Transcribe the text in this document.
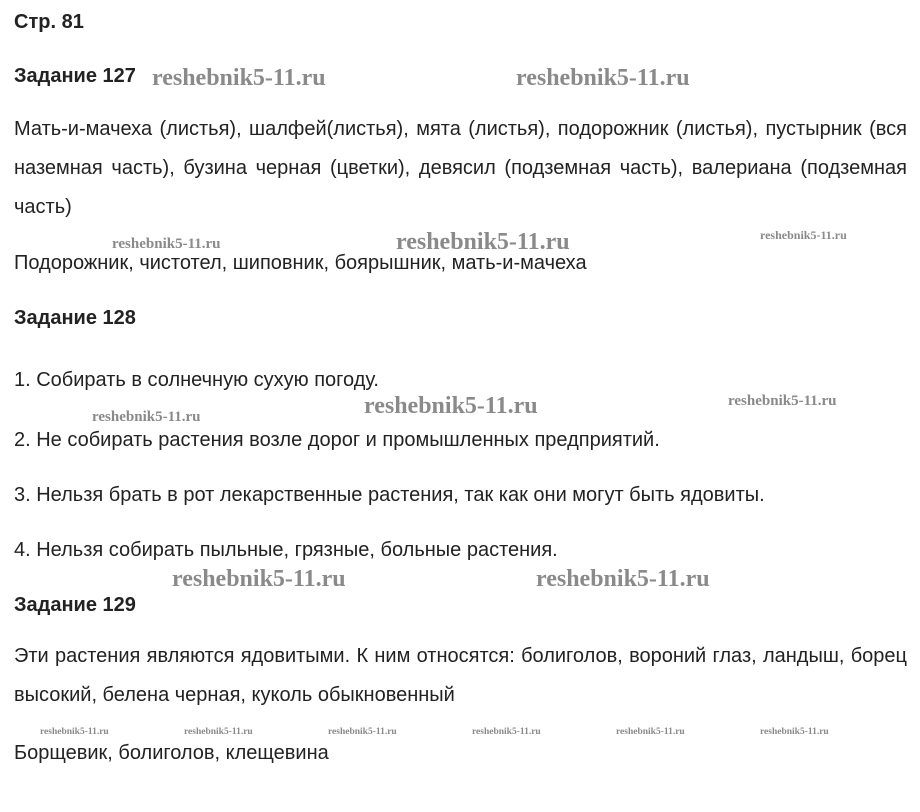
Стр. 81
Задание 127

Мать-и-мачеха (листья), шалфей(листья), мята (листья), подорожник (листья), пустырник (вся наземная часть), бузина черная (цветки), девясил (подземная часть), валериана (подземная часть)

Подорожник, чистотел, шиповник, боярышник, мать-и-мачеха
Задание 128
1. Собирать в солнечную сухую погоду.
2. Не собирать растения возле дорог и промышленных предприятий.
3. Нельзя брать в рот лекарственные растения, так как они могут быть ядовиты.
4. Нельзя собирать пыльные, грязные, больные растения.
Задание 129

Эти растения являются ядовитыми. К ним относятся: болиголов, вороний глаз, ландыш, борец высокий, белена черная, куколь обыкновенный

Борщевик, болиголов, клещевина
reshebnik5-11.ru	reshebnik5-11.ru
reshebnik5-11.ru	reshebnik5-11.ru	reshebnik5-11.ru
reshebnik5-11.ru	reshebnik5-11.ru	reshebnik5-11.ru
reshebnik5-11.ru	reshebnik5-11.ru
reshebnik5-11.ru	reshebnik5-11.ru	reshebnik5-11.ru	reshebnik5-11.ru	reshebnik5-11.ru	reshebnik5-11.ru
